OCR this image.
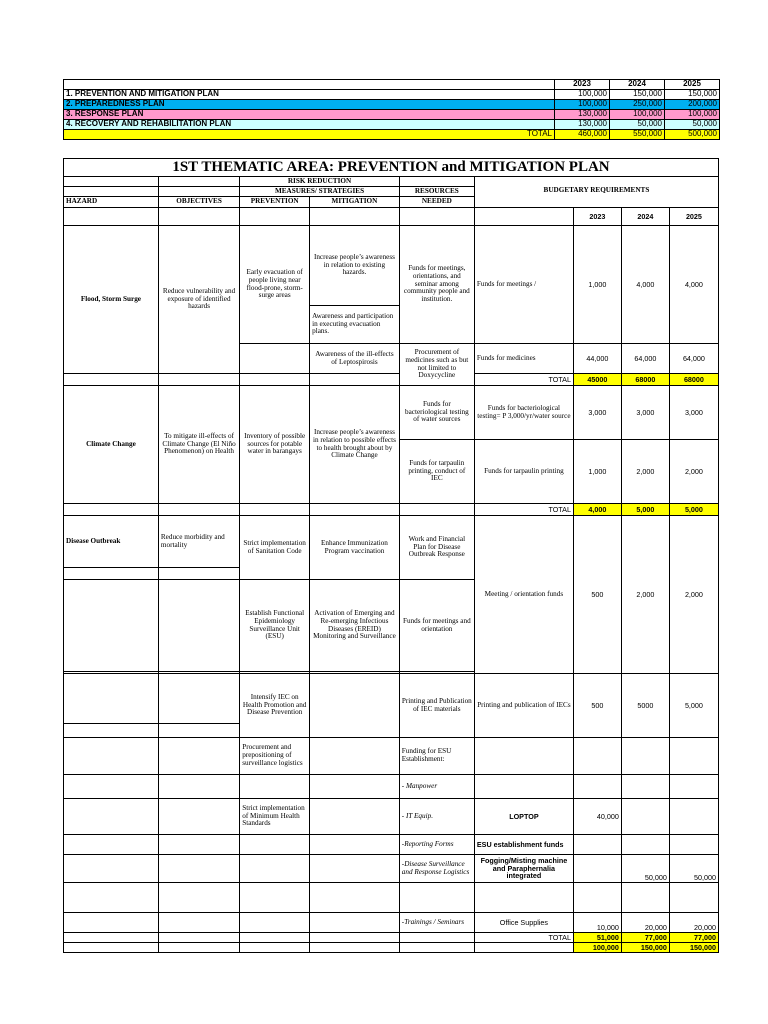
	2023	2024	2025
1. PREVENTION AND MITIGATION PLAN	100,000	150,000	150,000
2. PREPAREDNESS PLAN	100,000	250,000	200,000
3. RESPONSE PLAN	130,000	100,000	100,000
4. RECOVERY AND REHABILITATION PLAN	130,000	50,000	50,000
TOTAL	460,000	550,000	500,000
1ST THEMATIC AREA: PREVENTION and MITIGATION PLAN								
		RISK REDUCTION			BUDGETARY REQUIREMENTS			
		MEASURES/ STRATEGIES		RESOURCES				
HAZARD	OBJECTIVES	PREVENTION	MITIGATION	NEEDED				
						2023	2024	2025
Flood, Storm Surge	Reduce vulnerability and exposure of identified hazards	Early evacuation of people living near flood-prone, storm-surge areas	Increase people’s awareness in relation to existing hazards.	Funds for meetings, orientations, and seminar among community people and institution.	Funds for meetings /	1,000	4,000	4,000
			Awareness and participation in executing evacuation plans.					
			Awareness of the ill-effects of Leptospirosis	Procurement of medicines such as but not limited to Doxycycline	Funds for medicines	44,000	64,000	64,000
					TOTAL	45000	68000	68000
Climate Change	To mitigate ill-effects of Climate Change (El Niño Phenomenon) on Health	Inventory of possible sources for potable water in barangays	Increase people’s awareness in relation to possible effects to health brought about by Climate Change	Funds for bacteriological testing of water sources	Funds for bacteriological testing= P 3,000/yr/water source	3,000	3,000	3,000
				Funds for tarpaulin printing, conduct of IEC	Funds for tarpaulin printing	1,000	2,000	2,000
					TOTAL	4,000	5,000	5,000
Disease Outbreak	Reduce morbidity and mortality	Strict implementation of Sanitation Code	Enhance Immunization Program vaccination	Work and Financial Plan for Disease Outbreak Response	Meeting / orientation funds	500	2,000	2,000

		Establish Functional Epidemiology Surveillance Unit (ESU)	Activation of Emerging and Re-emerging Infectious Diseases (EREID) Monitoring and Surveillance	Funds for meetings and orientation				

		Intensify IEC on Health Promotion and Disease Prevention		Printing and Publication of IEC materials	Printing and publication of IECs	500	5000	5,000

		Procurement and prepositioning of surveillance logistics		Funding for ESU Establishment:				
				- Manpower				
		Strict implementation of Minimum Health Standards		- IT Equip.	LOPTOP	40,000		
				-Reporting Forms	ESU establishment funds			
				-Disease Surveillance and Response Logistics	Fogging/Misting machine and Paraphernalia integrated		50,000	50,000

				-Trainings / Seminars	Office Supplies	10,000	20,000	20,000
					TOTAL	51,000	77,000	77,000
						100,000	150,000	150,000
